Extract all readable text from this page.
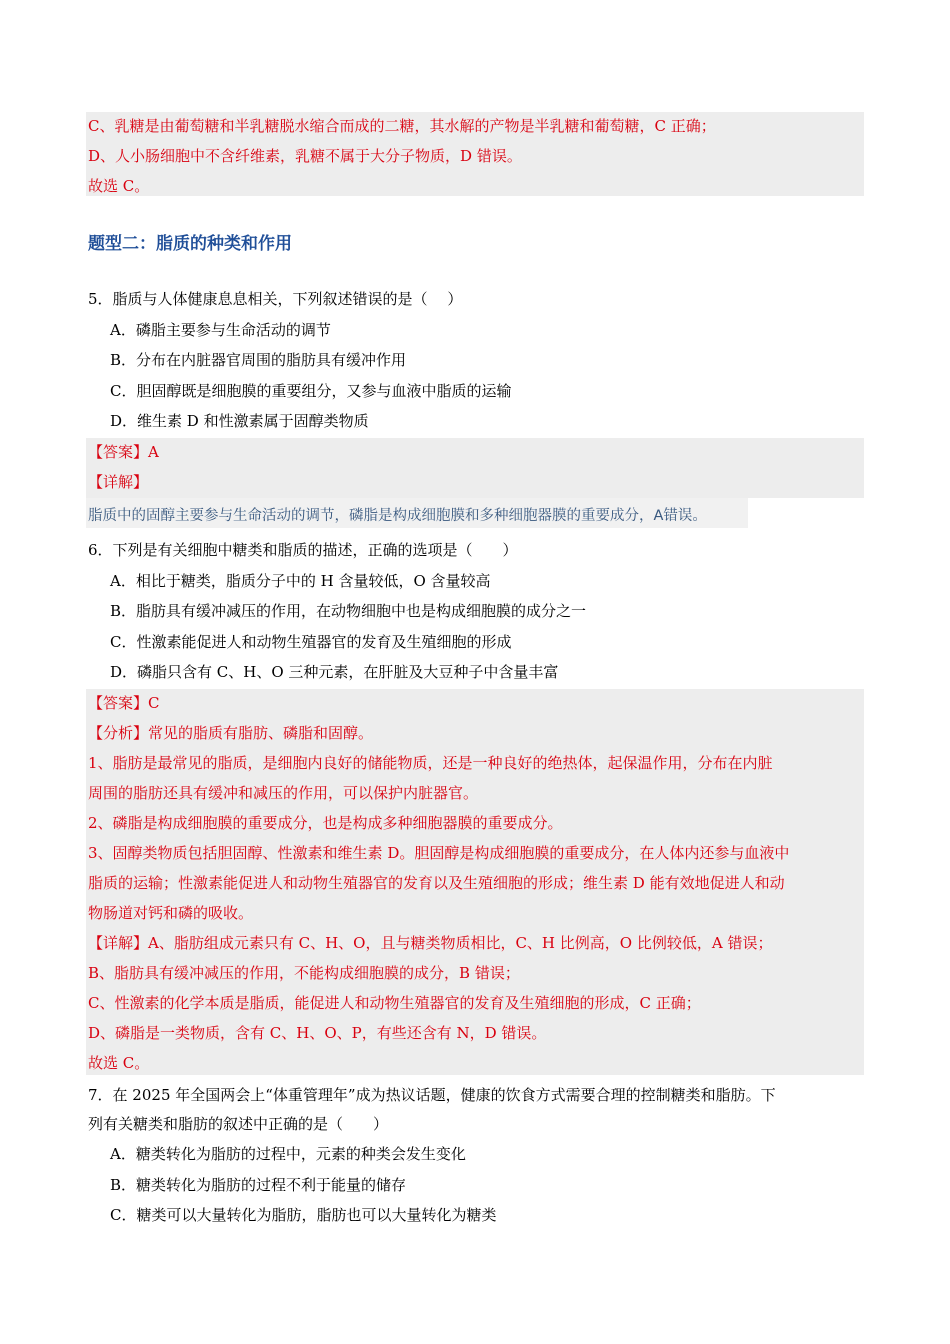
C、乳糖是由葡萄糖和半乳糖脱水缩合而成的二糖，其水解的产物是半乳糖和葡萄糖，C 正确；
D、人小肠细胞中不含纤维素，乳糖不属于大分子物质，D 错误。
故选 C。
题型二：脂质的种类和作用
5．脂质与人体健康息息相关，下列叙述错误的是（　 ）
A．磷脂主要参与生命活动的调节
B．分布在内脏器官周围的脂肪具有缓冲作用
C．胆固醇既是细胞膜的重要组分，又参与血液中脂质的运输
D．维生素 D 和性激素属于固醇类物质
【答案】A
【详解】
脂质中的固醇主要参与生命活动的调节，磷脂是构成细胞膜和多种细胞器膜的重要成分，A错误。
6．下列是有关细胞中糖类和脂质的描述，正确的选项是（　　）
A．相比于糖类，脂质分子中的 H 含量较低，O 含量较高
B．脂肪具有缓冲减压的作用，在动物细胞中也是构成细胞膜的成分之一
C．性激素能促进人和动物生殖器官的发育及生殖细胞的形成
D．磷脂只含有 C、H、O 三种元素，在肝脏及大豆种子中含量丰富
【答案】C
【分析】常见的脂质有脂肪、磷脂和固醇。
1、脂肪是最常见的脂质，是细胞内良好的储能物质，还是一种良好的绝热体，起保温作用，分布在内脏
周围的脂肪还具有缓冲和减压的作用，可以保护内脏器官。
2、磷脂是构成细胞膜的重要成分，也是构成多种细胞器膜的重要成分。
3、固醇类物质包括胆固醇、性激素和维生素 D。胆固醇是构成细胞膜的重要成分，在人体内还参与血液中
脂质的运输；性激素能促进人和动物生殖器官的发育以及生殖细胞的形成；维生素 D 能有效地促进人和动
物肠道对钙和磷的吸收。
【详解】A、脂肪组成元素只有 C、H、O，且与糖类物质相比，C、H 比例高，O 比例较低，A 错误；
B、脂肪具有缓冲减压的作用，不能构成细胞膜的成分，B 错误；
C、性激素的化学本质是脂质，能促进人和动物生殖器官的发育及生殖细胞的形成，C 正确；
D、磷脂是一类物质，含有 C、H、O、P，有些还含有 N，D 错误。
故选 C。
7．在 2025 年全国两会上“体重管理年”成为热议话题，健康的饮食方式需要合理的控制糖类和脂肪。下
列有关糖类和脂肪的叙述中正确的是（　　）
A．糖类转化为脂肪的过程中，元素的种类会发生变化
B．糖类转化为脂肪的过程不利于能量的储存
C．糖类可以大量转化为脂肪，脂肪也可以大量转化为糖类
